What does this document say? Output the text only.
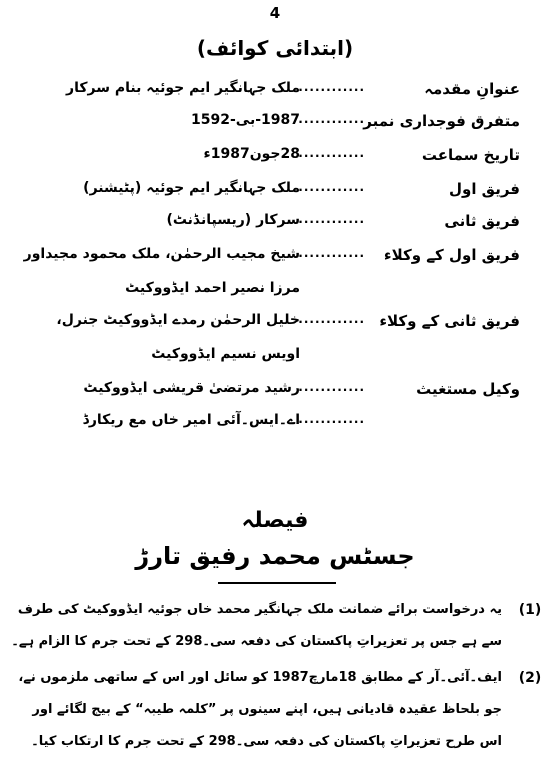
4
(ابتدائی کوائف)
عنوانِ مقدمہ
............
ملک جہانگیر ایم جوئیہ بنام سرکار
متفرق فوجداری نمبر
............
1987-بی-1592
تاریخ سماعت
............
28جون1987ء
فریق اول
............
ملک جہانگیر ایم جوئیہ (پٹیشنر)
فریق ثانی
............
سرکار (ریسپانڈنٹ)
فریق اول کے وکلاء
............
شیخ مجیب الرحمٰن، ملک محمود مجیداور
مرزا نصیر احمد ایڈووکیٹ
فریق ثانی کے وکلاء
............
خلیل الرحمٰن رمدے ایڈووکیٹ جنرل،
اویس نسیم ایڈووکیٹ
وکیل مستغیث
............
رشید مرتضیٰ قریشی ایڈووکیٹ
............
اے۔ایس۔آئی امیر خاں مع ریکارڈ
فیصلہ
جسٹس محمد رفیق تارڑ
(1)
یہ درخواست برائے ضمانت ملک جہانگیر محمد خاں جوئیہ ایڈووکیٹ کی طرف سے ہے جس پر تعزیراتِ پاکستان کی دفعہ سی۔298 کے تحت جرم کا الزام ہے۔
(2)
ایف۔آئی۔آر کے مطابق 18مارچ1987 کو سائل اور اس کے ساتھی ملزموں نے، جو بلحاظ عقیدہ قادیانی ہیں، اپنے سینوں پر ”کلمہ طیبہ“ کے بیج لگائے اور اس طرح تعزیراتِ پاکستان کی دفعہ سی۔298 کے تحت جرم کا ارتکاب کیا۔
